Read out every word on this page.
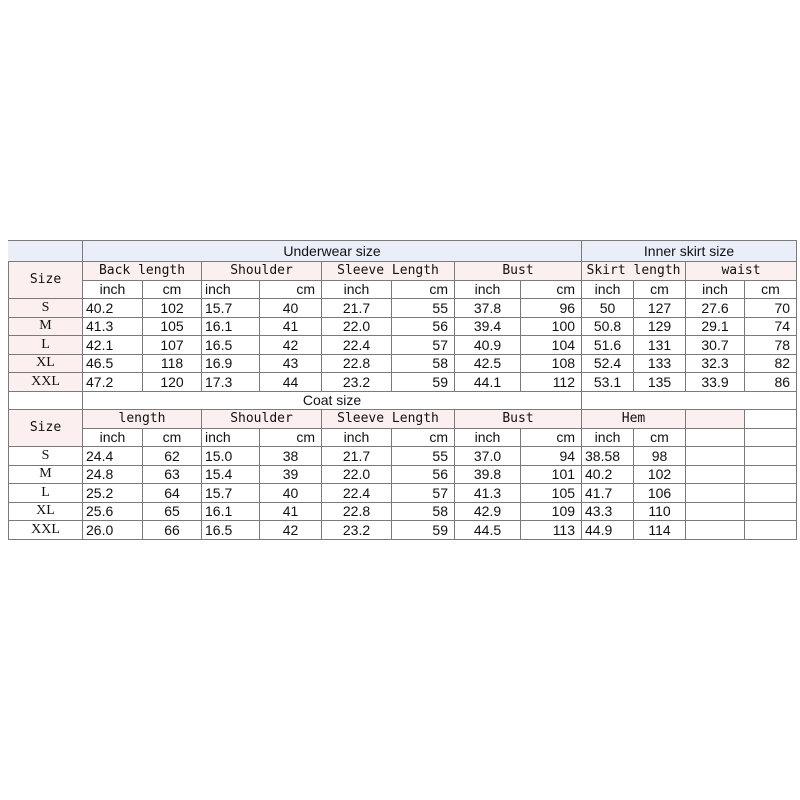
	Underwear size								Inner skirt size			
Size	Back length		Shoulder		Sleeve Length		Bust		Skirt length		waist	
	inch	cm	inch	cm	inch	cm	inch	cm	inch	cm	inch	cm
S	40.2	102	15.7	40	21.7	55	37.8	96	50	127	27.6	70
M	41.3	105	16.1	41	22.0	56	39.4	100	50.8	129	29.1	74
L	42.1	107	16.5	42	22.4	57	40.9	104	51.6	131	30.7	78
XL	46.5	118	16.9	43	22.8	58	42.5	108	52.4	133	32.3	82
XXL	47.2	120	17.3	44	23.2	59	44.1	112	53.1	135	33.9	86
	Coat size											
Size	length		Shoulder		Sleeve Length		Bust		Hem			
	inch	cm	inch	cm	inch	cm	inch	cm	inch	cm		
S	24.4	62	15.0	38	21.7	55	37.0	94	38.58	98		
M	24.8	63	15.4	39	22.0	56	39.8	101	40.2	102		
L	25.2	64	15.7	40	22.4	57	41.3	105	41.7	106		
XL	25.6	65	16.1	41	22.8	58	42.9	109	43.3	110		
XXL	26.0	66	16.5	42	23.2	59	44.5	113	44.9	114		
